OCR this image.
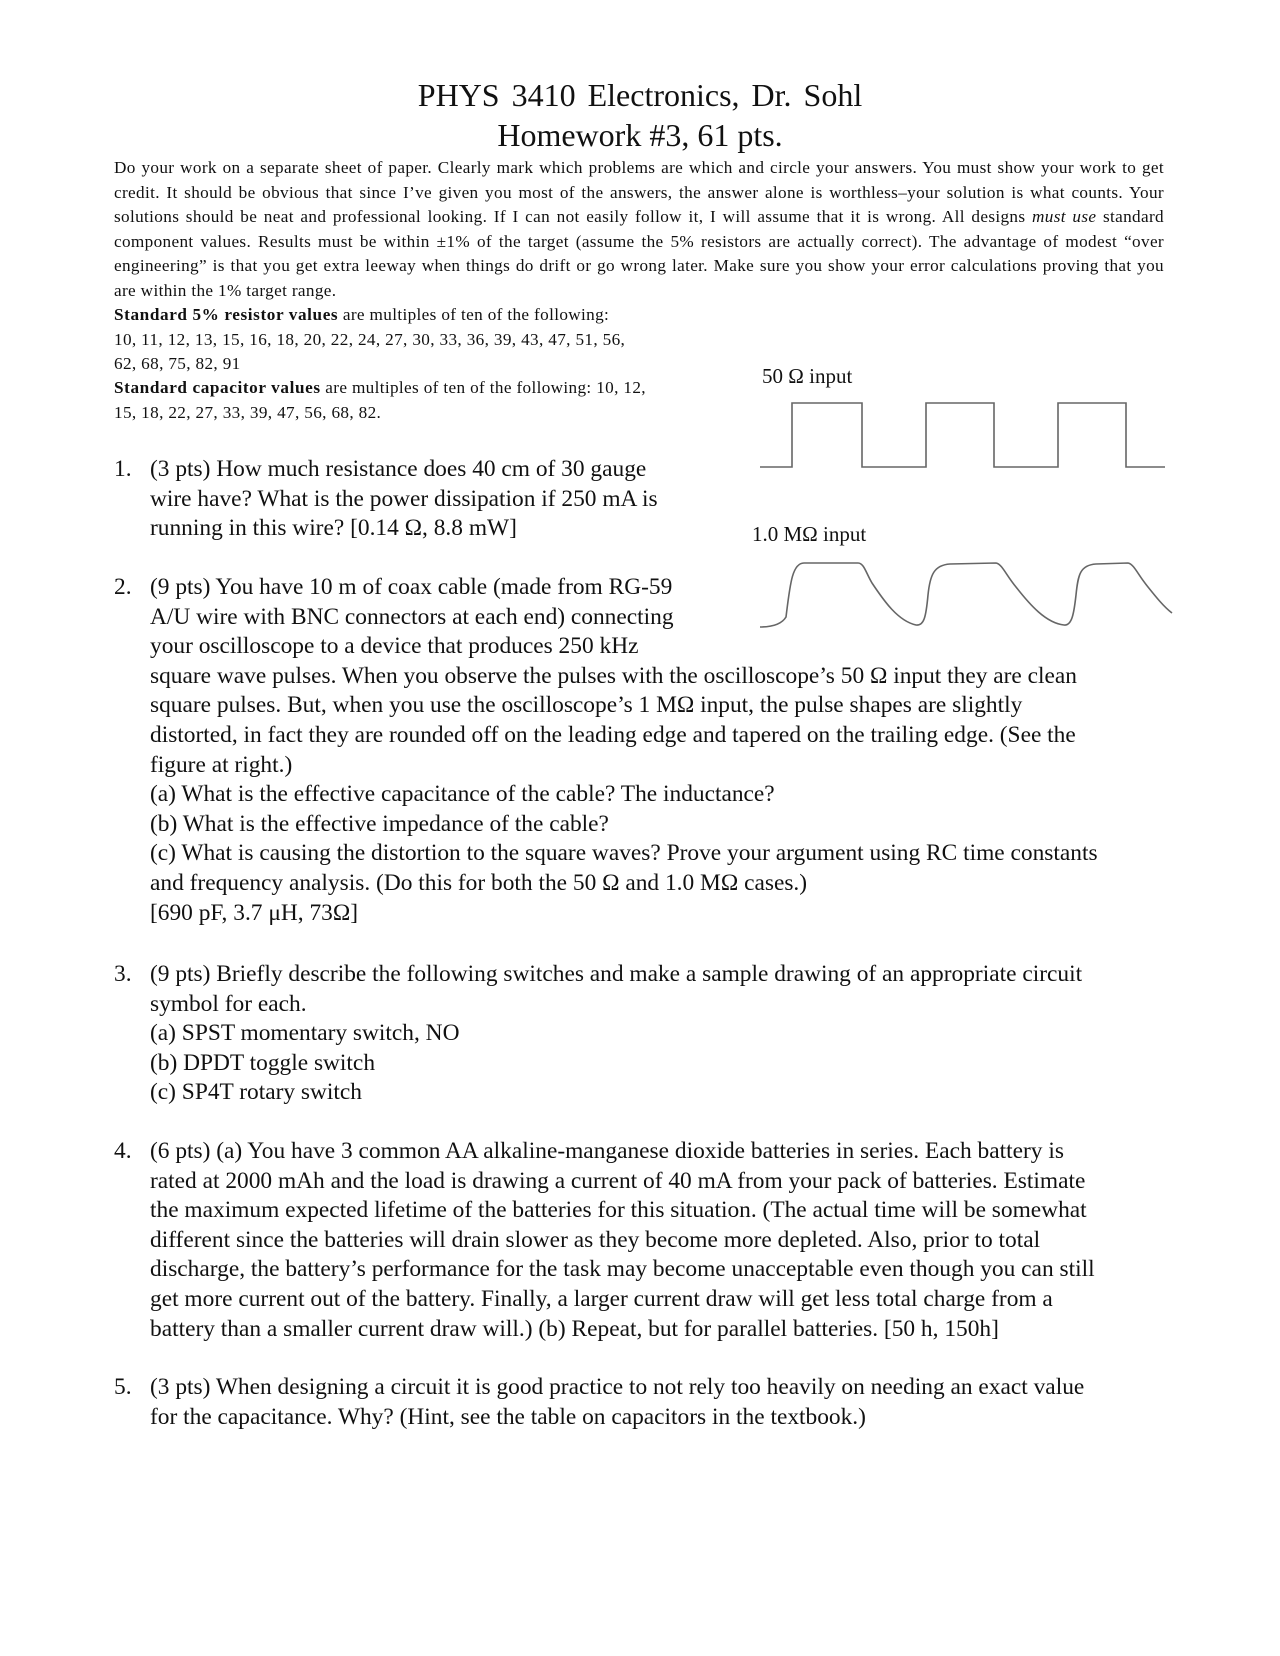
PHYS 3410 Electronics, Dr. Sohl
Homework #3, 61 pts.

Do your work on a separate sheet of paper. Clearly mark which problems are which and circle your answers. You must show your work to get credit. It should be obvious that since I’ve given you most of the answers, the answer alone is worthless–your solution is what counts. Your solutions should be neat and professional looking. If I can not easily follow it, I will assume that it is wrong. All designs must use standard component values. Results must be within ±1% of the target (assume the 5% resistors are actually correct). The advantage of modest “over engineering” is that you get extra leeway when things do drift or go wrong later. Make sure you show your error calculations proving that you are within the 1% target range.

Standard 5% resistor values are multiples of ten of the following:
10, 11, 12, 13, 15, 16, 18, 20, 22, 24, 27, 30, 33, 36, 39, 43, 47, 51, 56,
62, 68, 75, 82, 91
Standard capacitor values are multiples of ten of the following: 10, 12,
15, 18, 22, 27, 33, 39, 47, 56, 68, 82.
50 Ω input
1.0 MΩ input
1. (3 pts) How much resistance does 40 cm of 30 gauge

wire have? What is the power dissipation if 250 mA is

running in this wire? [0.14 Ω, 8.8 mW]

2. (9 pts) You have 10 m of coax cable (made from RG-59

A/U wire with BNC connectors at each end) connecting

your oscilloscope to a device that produces 250 kHz

square wave pulses. When you observe the pulses with the oscilloscope’s 50 Ω input they are clean

square pulses. But, when you use the oscilloscope’s 1 MΩ input, the pulse shapes are slightly

distorted, in fact they are rounded off on the leading edge and tapered on the trailing edge. (See the

figure at right.)

(a) What is the effective capacitance of the cable? The inductance?

(b) What is the effective impedance of the cable?

(c) What is causing the distortion to the square waves? Prove your argument using RC time constants

and frequency analysis. (Do this for both the 50 Ω and 1.0 MΩ cases.)

[690 pF, 3.7 μH, 73Ω]

3. (9 pts) Briefly describe the following switches and make a sample drawing of an appropriate circuit

symbol for each.

(a) SPST momentary switch, NO

(b) DPDT toggle switch

(c) SP4T rotary switch

4. (6 pts) (a) You have 3 common AA alkaline-manganese dioxide batteries in series. Each battery is

rated at 2000 mAh and the load is drawing a current of 40 mA from your pack of batteries. Estimate

the maximum expected lifetime of the batteries for this situation. (The actual time will be somewhat

different since the batteries will drain slower as they become more depleted. Also, prior to total

discharge, the battery’s performance for the task may become unacceptable even though you can still

get more current out of the battery. Finally, a larger current draw will get less total charge from a

battery than a smaller current draw will.) (b) Repeat, but for parallel batteries. [50 h, 150h]

5. (3 pts) When designing a circuit it is good practice to not rely too heavily on needing an exact value

for the capacitance. Why? (Hint, see the table on capacitors in the textbook.)
